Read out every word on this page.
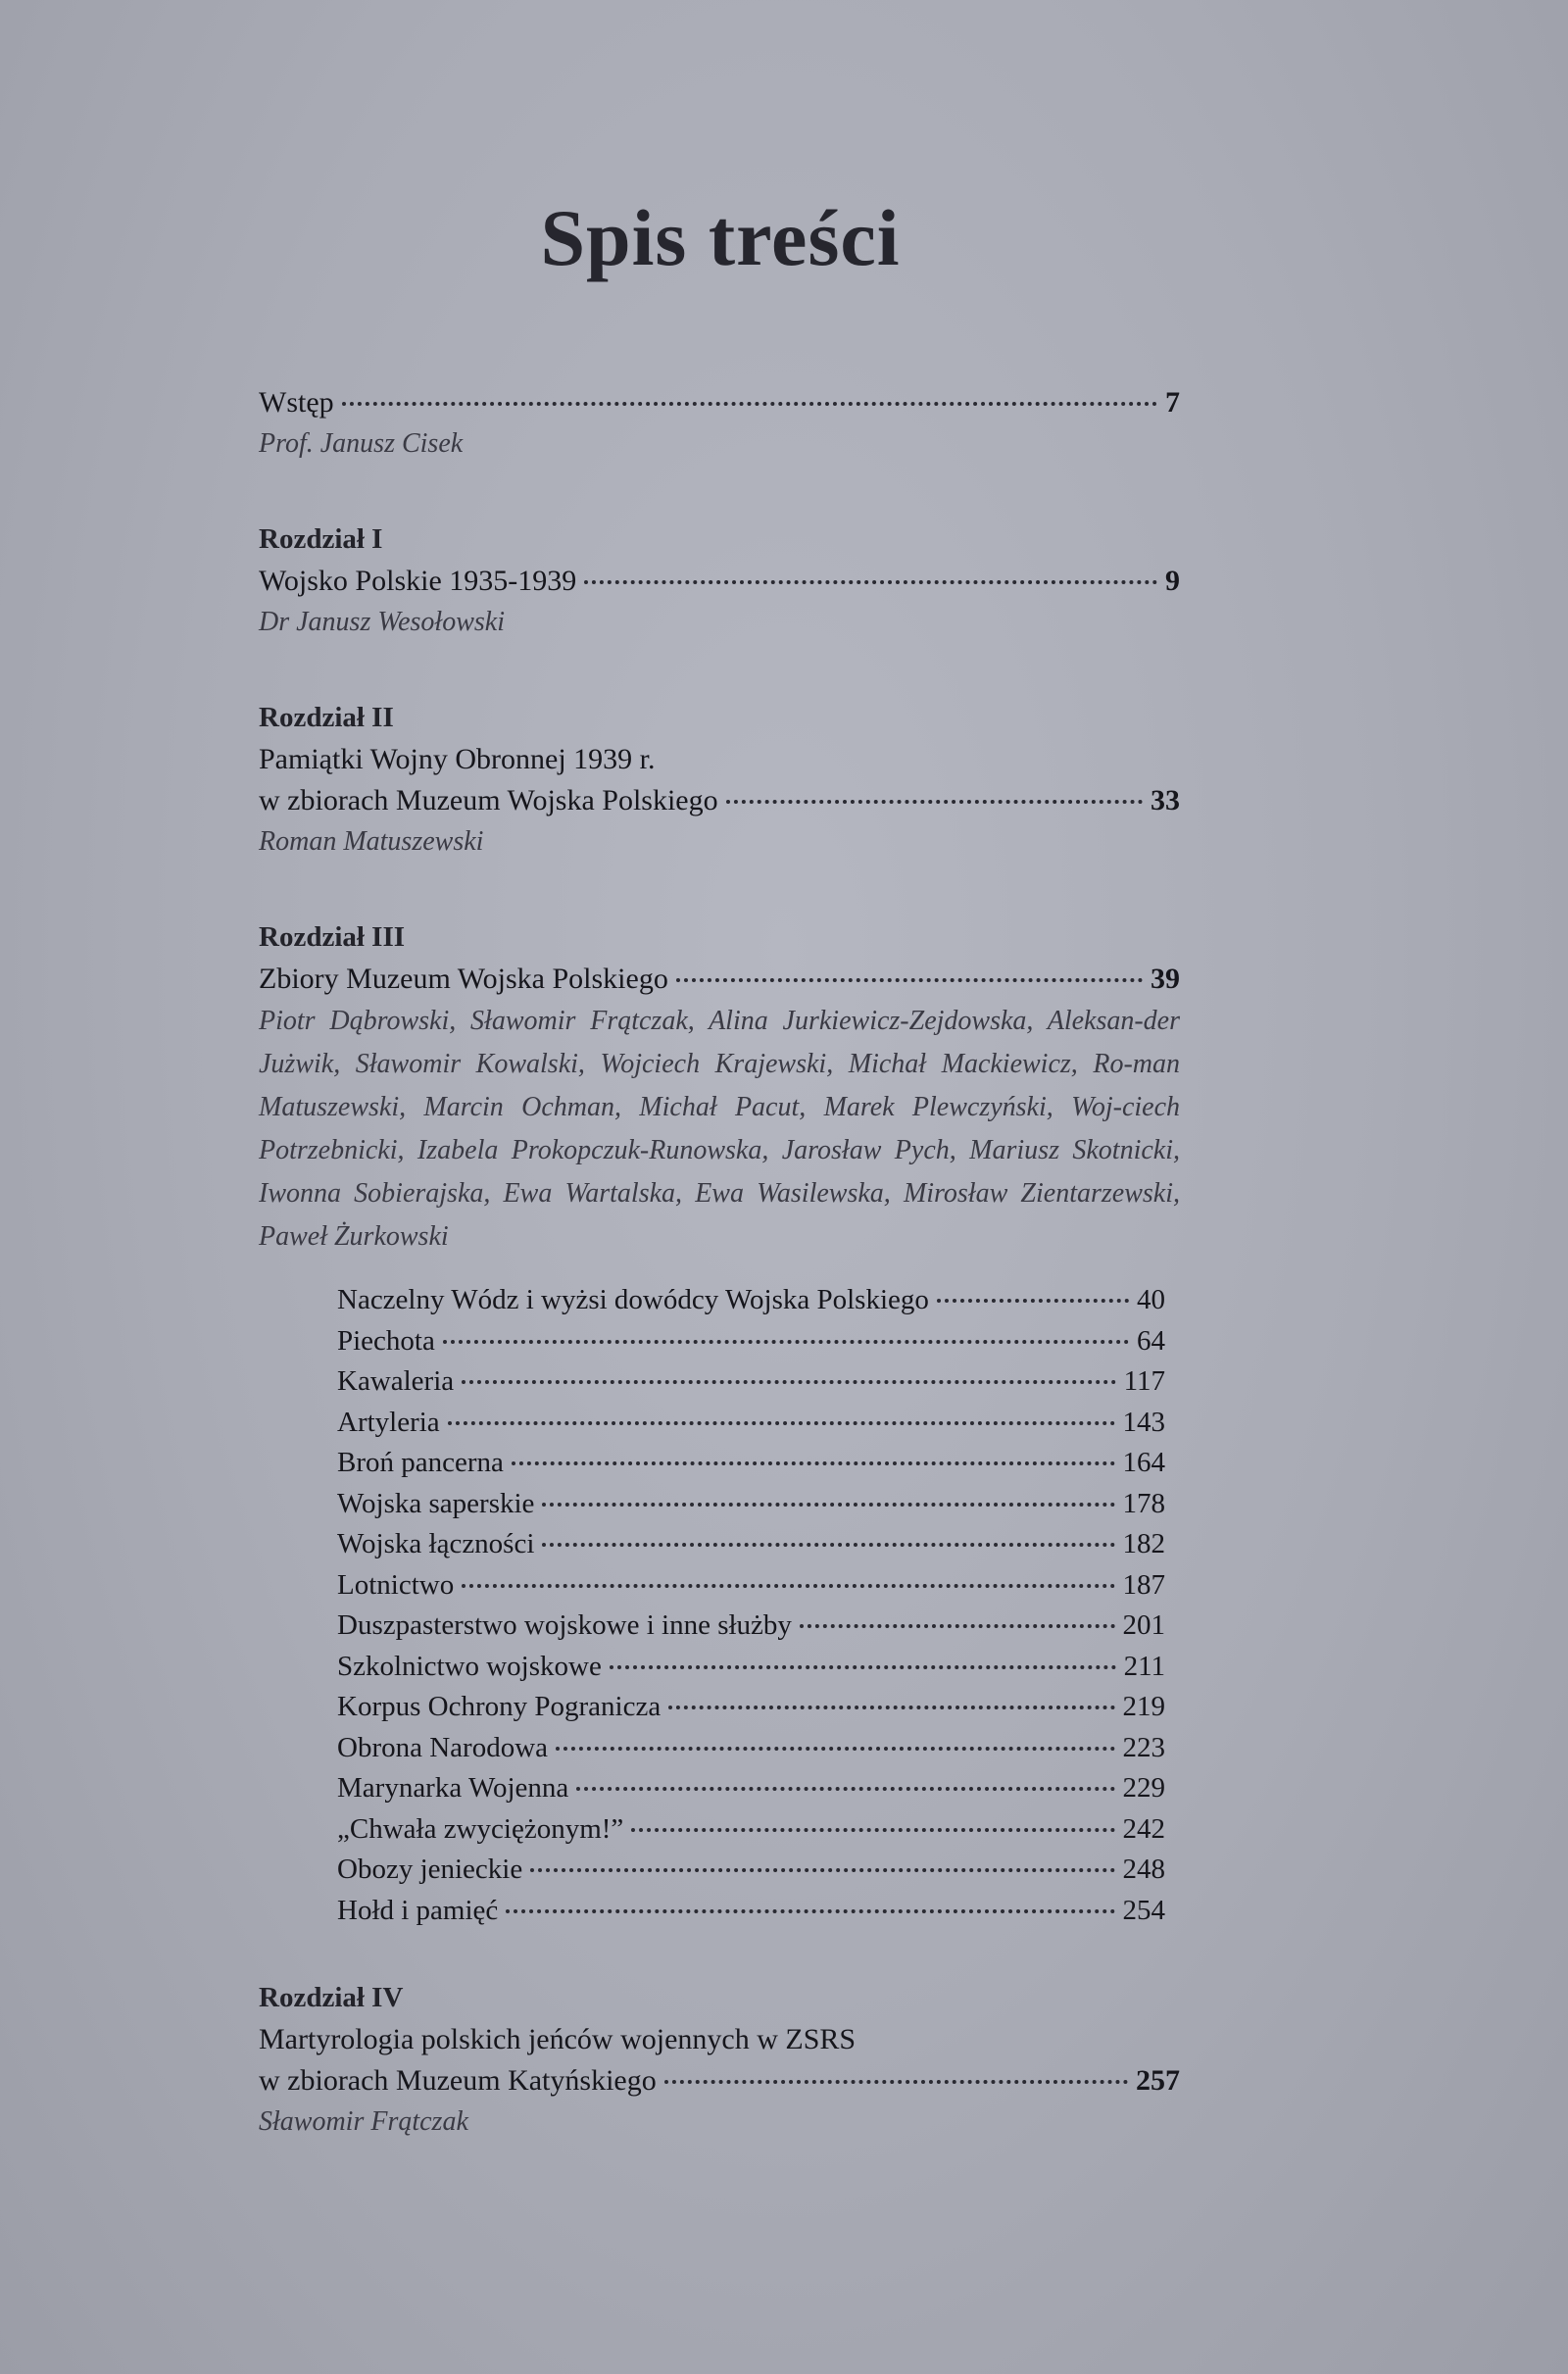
Spis treści
Wstęp	7
Prof. Janusz Cisek
Rozdział I
Wojsko Polskie 1935-1939	9
Dr Janusz Wesołowski
Rozdział II
Pamiątki Wojny Obronnej 1939 r.
w zbiorach Muzeum Wojska Polskiego	33
Roman Matuszewski
Rozdział III
Zbiory Muzeum Wojska Polskiego	39
Piotr Dąbrowski, Sławomir Frątczak, Alina Jurkiewicz-Zejdowska, Aleksan-der Jużwik, Sławomir Kowalski, Wojciech Krajewski, Michał Mackiewicz, Ro-man Matuszewski, Marcin Ochman, Michał Pacut, Marek Plewczyński, Woj-ciech Potrzebnicki, Izabela Prokopczuk-Runowska, Jarosław Pych, Mariusz Skotnicki, Iwonna Sobierajska, Ewa Wartalska, Ewa Wasilewska, Mirosław Zientarzewski, Paweł Żurkowski
Naczelny Wódz i wyżsi dowódcy Wojska Polskiego	40
Piechota	64
Kawaleria	117
Artyleria	143
Broń pancerna	164
Wojska saperskie	178
Wojska łączności	182
Lotnictwo	187
Duszpasterstwo wojskowe i inne służby	201
Szkolnictwo wojskowe	211
Korpus Ochrony Pogranicza	219
Obrona Narodowa	223
Marynarka Wojenna	229
„Chwała zwyciężonym!”	242
Obozy jenieckie	248
Hołd i pamięć	254
Rozdział IV
Martyrologia polskich jeńców wojennych w ZSRS
w zbiorach Muzeum Katyńskiego	257
Sławomir Frątczak
